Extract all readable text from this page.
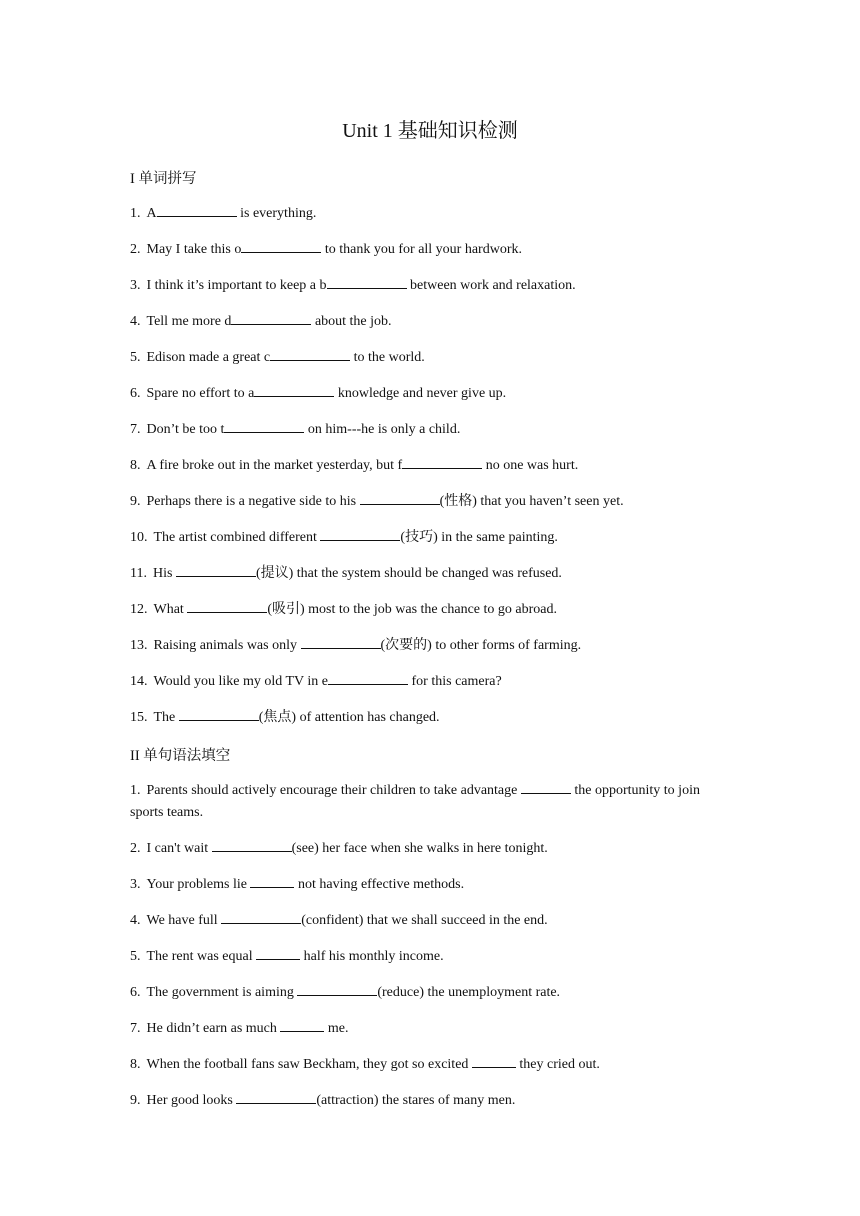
Unit 1 基础知识检测
I 单词拼写
1. A	is everything.
2. May I take this o	to thank you for all your hardwork.
3. I think it’s important to keep a b	between work and relaxation.
4. Tell me more d	about the job.
5. Edison made a great c	to the world.
6. Spare no effort to a	knowledge and never give up.
7. Don’t be too t	on him---he is only a child.
8. A fire broke out in the market yesterday, but f	no one was hurt.
9. Perhaps there is a negative side to his	(性格) that you haven’t seen yet.
10. The artist combined different	(技巧) in the same painting.
11. His	(提议) that the system should be changed was refused.
12. What	(吸引) most to the job was the chance to go abroad.
13. Raising animals was only	(次要的) to other forms of farming.
14. Would you like my old TV in e	for this camera?
15. The	(焦点) of attention has changed.
II 单句语法填空
1. Parents should actively encourage their children to take advantage	the opportunity to join sports teams.
2. I can't wait	(see) her face when she walks in here tonight.
3. Your problems lie	not having effective methods.
4. We have full	(confident) that we shall succeed in the end.
5. The rent was equal	half his monthly income.
6. The government is aiming	(reduce) the unemployment rate.
7. He didn’t earn as much	me.
8. When the football fans saw Beckham, they got so excited	they cried out.
9. Her good looks	(attraction) the stares of many men.
